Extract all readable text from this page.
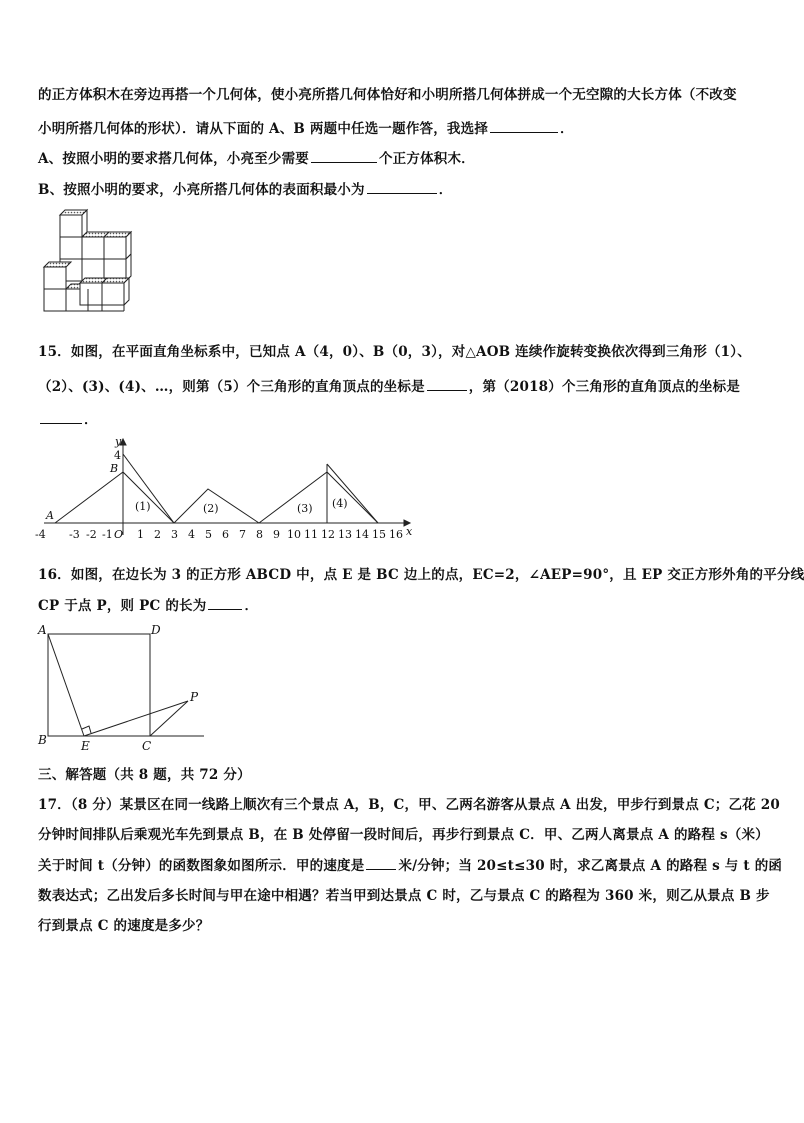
的正方体积木在旁边再搭一个几何体，使小亮所搭几何体恰好和小明所搭几何体拼成一个无空隙的大长方体（不改变
小明所搭几何体的形状）．请从下面的 A、B 两题中任选一题作答，我选择	．
A、按照小明的要求搭几何体，小亮至少需要	个正方体积木．
B、按照小明的要求，小亮所搭几何体的表面积最小为	．
15．如图，在平面直角坐标系中，已知点 A（4，0）、B（0，3），对△AOB 连续作旋转变换依次得到三角形（1）、
（2）、(3)、(4)、…，则第（5）个三角形的直角顶点的坐标是	，第（2018）个三角形的直角顶点的坐标是
．
-4 -3 -2 -1 O 1 2 3 4 5 6 7 8 9 10 11 12 13 14 15 16 x
y
4
B
A
(1)	(2)	(3) (4)
16．如图，在边长为 3 的正方形 ABCD 中，点 E 是 BC 边上的点，EC=2，∠AEP=90°，且 EP 交正方形外角的平分线
CP 于点 P，则 PC 的长为	．
A	D
B	E	C
P
三、解答题（共 8 题，共 72 分）
17．（8 分）某景区在同一线路上顺次有三个景点 A，B，C，甲、乙两名游客从景点 A 出发，甲步行到景点 C；乙花 20
分钟时间排队后乘观光车先到景点 B，在 B 处停留一段时间后，再步行到景点 C．甲、乙两人离景点 A 的路程 s（米）
关于时间 t（分钟）的函数图象如图所示．甲的速度是	米/分钟；当 20≤t≤30 时，求乙离景点 A 的路程 s 与 t 的函
数表达式；乙出发后多长时间与甲在途中相遇？若当甲到达景点 C 时，乙与景点 C 的路程为 360 米，则乙从景点 B 步
行到景点 C 的速度是多少？
